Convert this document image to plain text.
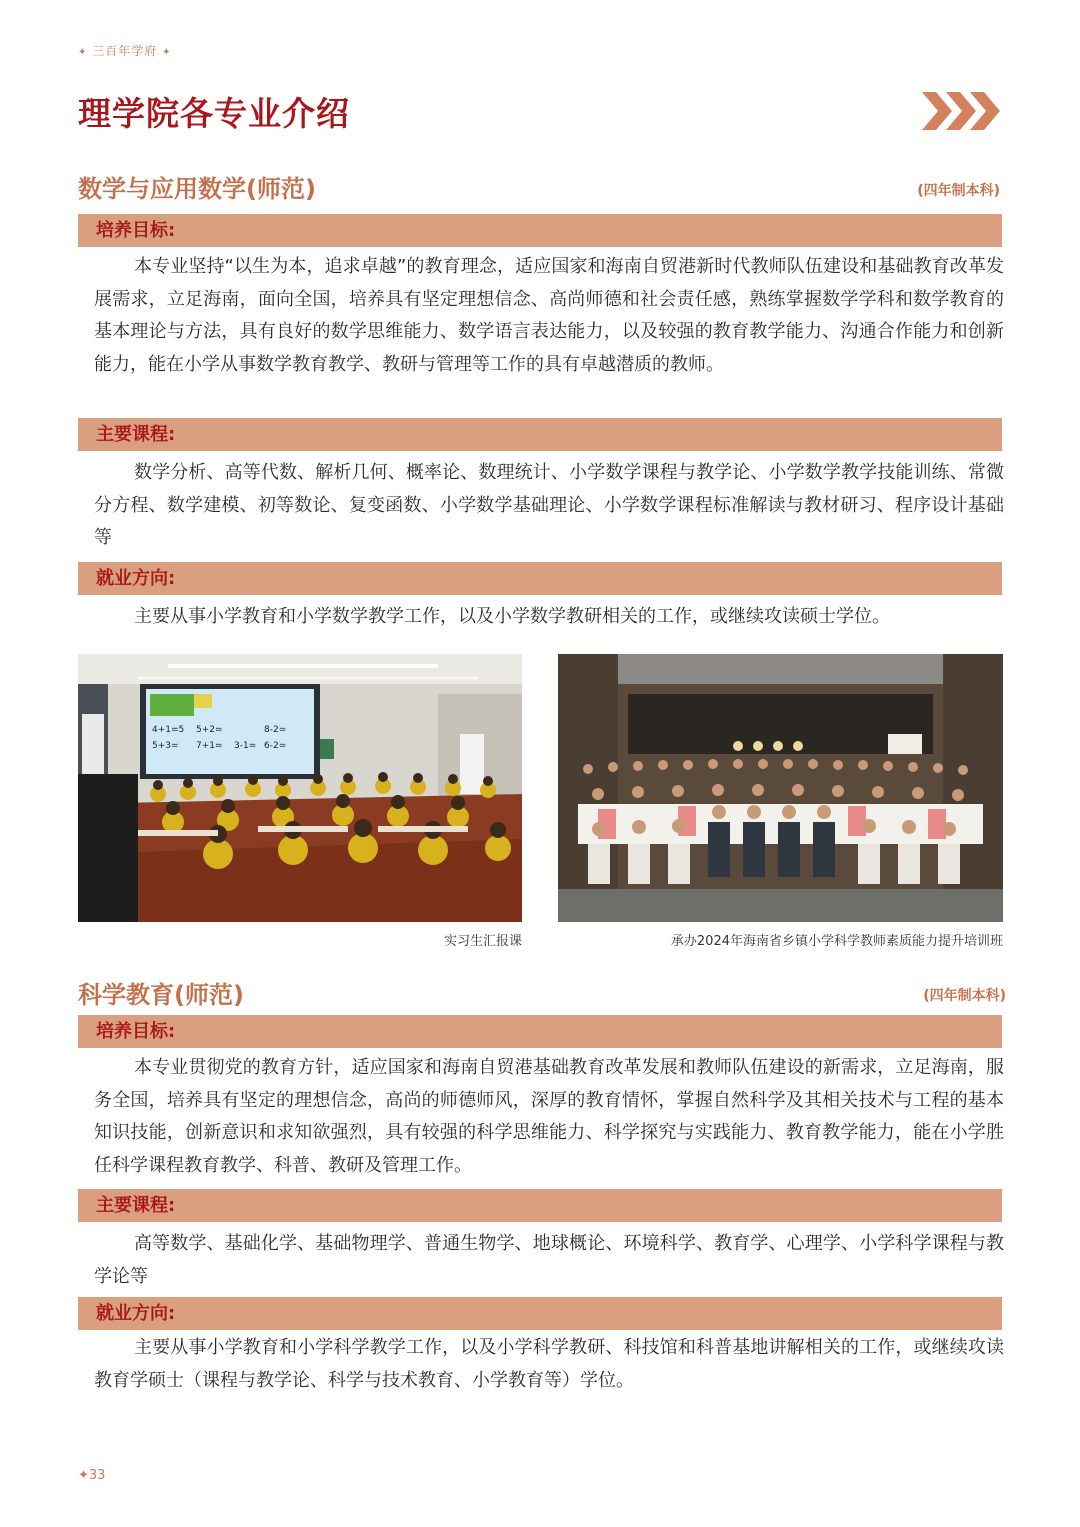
✦ 三百年学府 ✦
理学院各专业介绍
数学与应用数学(师范)	(四年制本科)
培养目标:

本专业坚持“以生为本，追求卓越”的教育理念，适应国家和海南自贸港新时代教师队伍建设和基础教育改革发展需求，立足海南，面向全国，培养具有坚定理想信念、高尚师德和社会责任感，熟练掌握数学学科和数学教育的基本理论与方法，具有良好的数学思维能力、数学语言表达能力，以及较强的教育教学能力、沟通合作能力和创新能力，能在小学从事数学教育教学、教研与管理等工作的具有卓越潜质的教师。

主要课程:

数学分析、高等代数、解析几何、概率论、数理统计、小学数学课程与教学论、小学数学教学技能训练、常微分方程、数学建模、初等数论、复变函数、小学数学基础理论、小学数学课程标准解读与教材研习、程序设计基础等

就业方向:

主要从事小学教育和小学数学教学工作，以及小学数学教研相关的工作，或继续攻读硕士学位。

4+1=5 5+2=	8-2=
5+3= 7+1= 3-1= 6-2=
实习生汇报课	承办2024年海南省乡镇小学科学教师素质能力提升培训班
科学教育(师范)	(四年制本科)
培养目标:

本专业贯彻党的教育方针，适应国家和海南自贸港基础教育改革发展和教师队伍建设的新需求，立足海南，服务全国，培养具有坚定的理想信念，高尚的师德师风，深厚的教育情怀，掌握自然科学及其相关技术与工程的基本知识技能，创新意识和求知欲强烈，具有较强的科学思维能力、科学探究与实践能力、教育教学能力，能在小学胜任科学课程教育教学、科普、教研及管理工作。

主要课程:

高等数学、基础化学、基础物理学、普通生物学、地球概论、环境科学、教育学、心理学、小学科学课程与教学论等

就业方向:

主要从事小学教育和小学科学教学工作，以及小学科学教研、科技馆和科普基地讲解相关的工作，或继续攻读教育学硕士（课程与教学论、科学与技术教育、小学教育等）学位。

✦33
